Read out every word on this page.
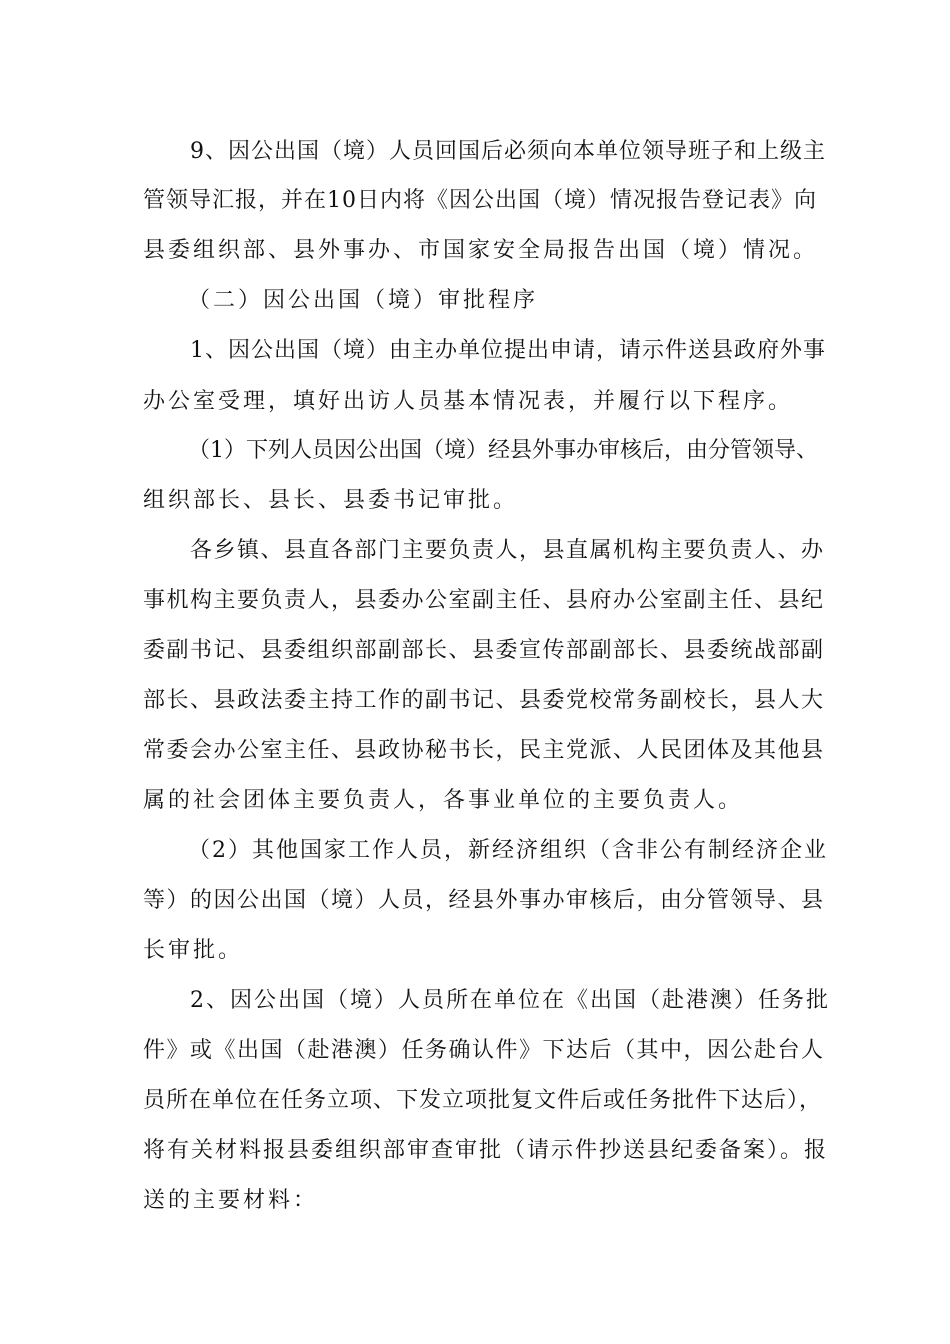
9、因公出国（境）人员回国后必须向本单位领导班子和上级主
管领导汇报，并在10日内将《因公出国（境）情况报告登记表》向
县委组织部、县外事办、市国家安全局报告出国（境）情况。
（二）因公出国（境）审批程序
1、因公出国（境）由主办单位提出申请，请示件送县政府外事
办公室受理，填好出访人员基本情况表，并履行以下程序。
（1）下列人员因公出国（境）经县外事办审核后，由分管领导、
组织部长、县长、县委书记审批。
各乡镇、县直各部门主要负责人，县直属机构主要负责人、办
事机构主要负责人，县委办公室副主任、县府办公室副主任、县纪
委副书记、县委组织部副部长、县委宣传部副部长、县委统战部副
部长、县政法委主持工作的副书记、县委党校常务副校长，县人大
常委会办公室主任、县政协秘书长，民主党派、人民团体及其他县
属的社会团体主要负责人，各事业单位的主要负责人。
（2）其他国家工作人员，新经济组织（含非公有制经济企业
等）的因公出国（境）人员，经县外事办审核后，由分管领导、县
长审批。
2、因公出国（境）人员所在单位在《出国（赴港澳）任务批
件》或《出国（赴港澳）任务确认件》下达后（其中，因公赴台人
员所在单位在任务立项、下发立项批复文件后或任务批件下达后），
将有关材料报县委组织部审查审批（请示件抄送县纪委备案）。报
送的主要材料：
